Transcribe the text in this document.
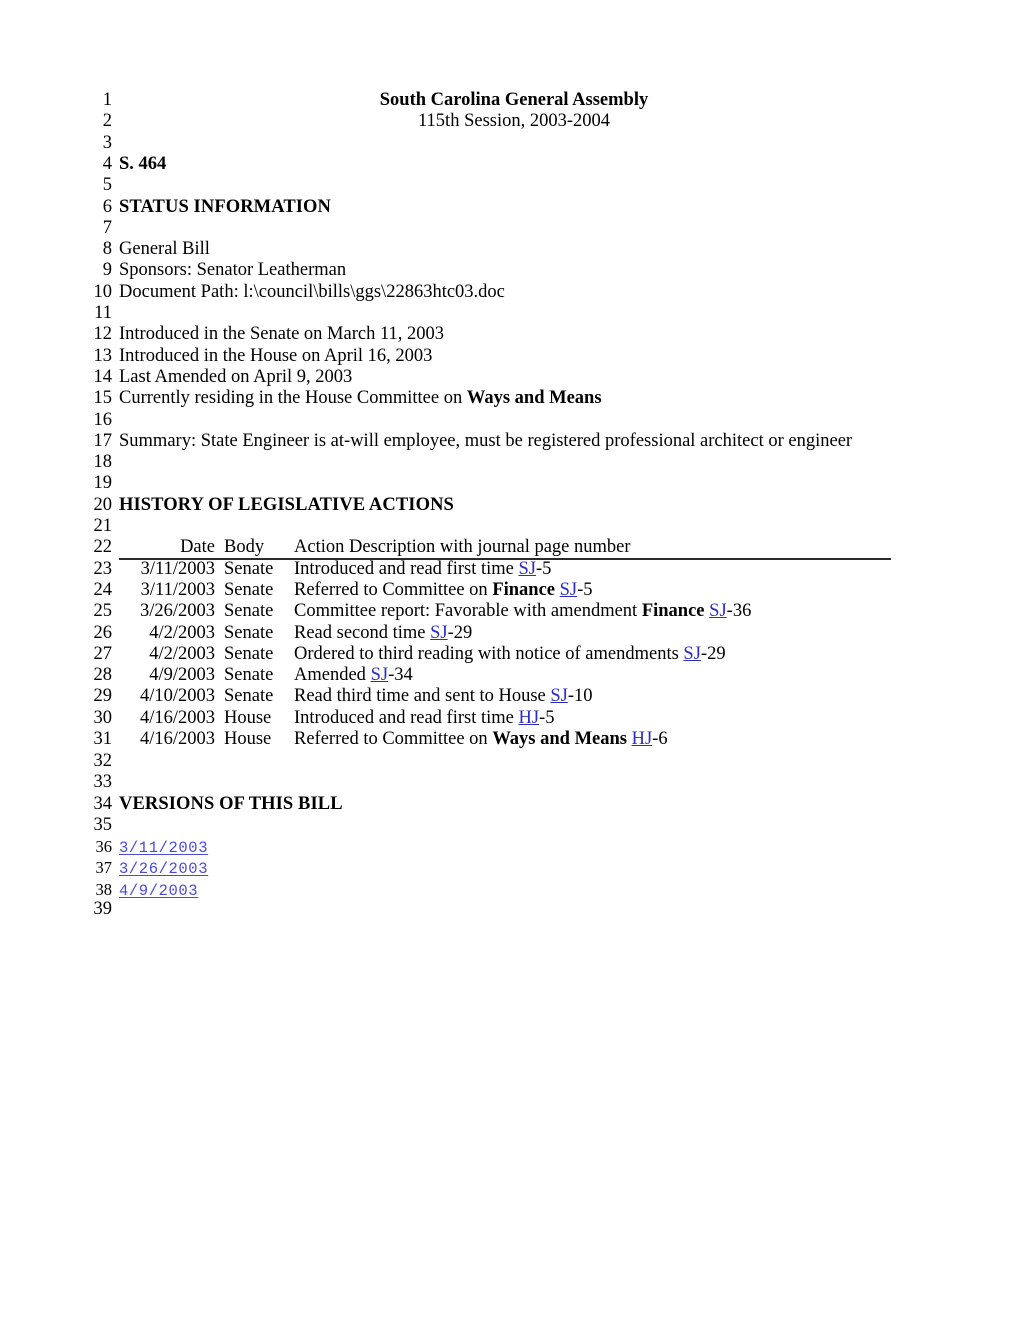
1	South Carolina General Assembly
2	115th Session, 2003-2004
3
4 S. 464
5
6 STATUS INFORMATION
7
8 General Bill
9 Sponsors: Senator Leatherman
10 Document Path: l:\council\bills\ggs\22863htc03.doc
11
12 Introduced in the Senate on March 11, 2003
13 Introduced in the House on April 16, 2003
14 Last Amended on April 9, 2003
15 Currently residing in the House Committee on Ways and Means
16
17 Summary: State Engineer is at-will employee, must be registered professional architect or engineer
18
19
20 HISTORY OF LEGISLATIVE ACTIONS
21
22	Date Body	Action Description with journal page number
23	3/11/2003 Senate	Introduced and read first time SJ-5
24	3/11/2003 Senate	Referred to Committee on Finance SJ-5
25	3/26/2003 Senate	Committee report: Favorable with amendment Finance SJ-36
26	4/2/2003 Senate	Read second time SJ-29
27	4/2/2003 Senate	Ordered to third reading with notice of amendments SJ-29
28	4/9/2003 Senate	Amended SJ-34
29	4/10/2003 Senate	Read third time and sent to House SJ-10
30	4/16/2003 House	Introduced and read first time HJ-5
31	4/16/2003 House	Referred to Committee on Ways and Means HJ-6
32
33
34 VERSIONS OF THIS BILL
35
36 3/11/2003
37 3/26/2003
38 4/9/2003
39
